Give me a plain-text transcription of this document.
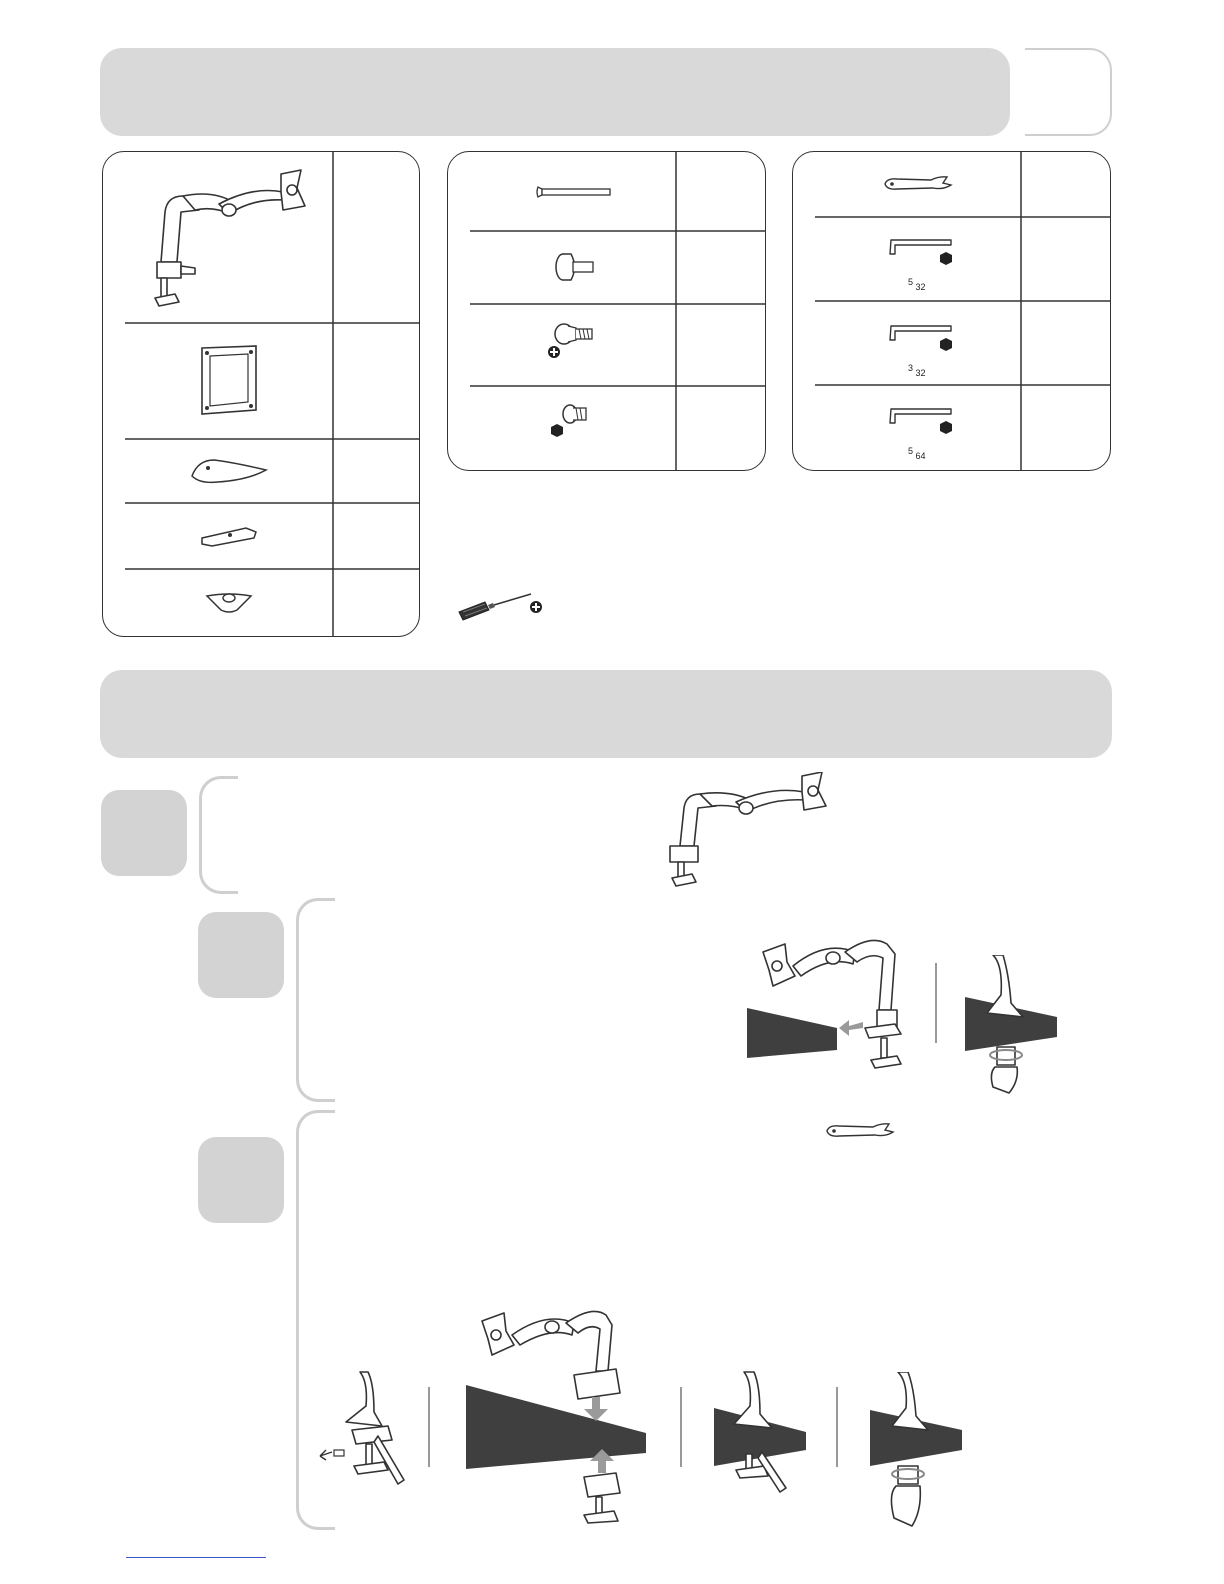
5 32
3 32
5 64
